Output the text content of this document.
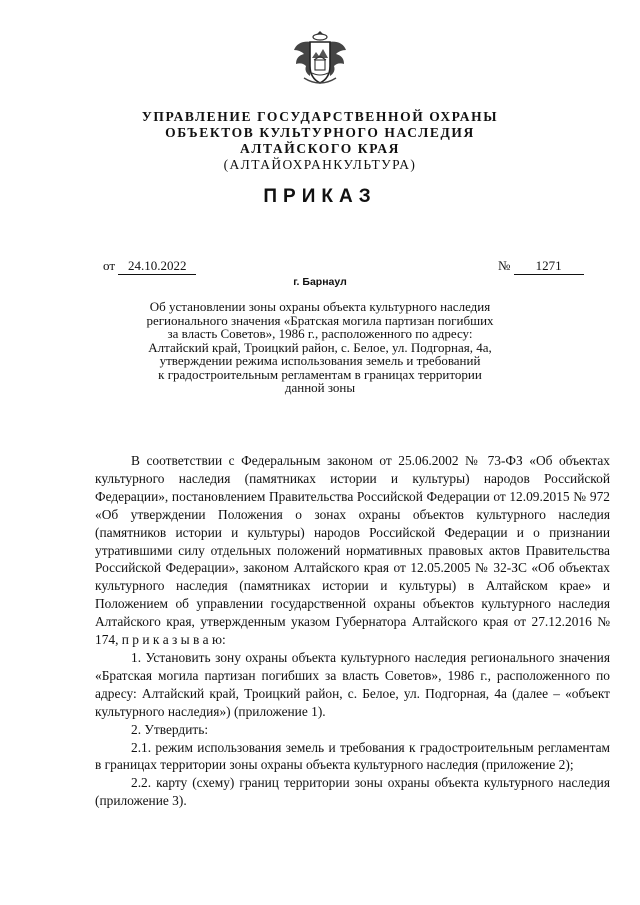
УПРАВЛЕНИЕ ГОСУДАРСТВЕННОЙ ОХРАНЫ
ОБЪЕКТОВ КУЛЬТУРНОГО НАСЛЕДИЯ
АЛТАЙСКОГО КРАЯ
(АЛТАЙОХРАНКУЛЬТУРА)
ПРИКАЗ
от 24.10.2022	№ 1271
г. Барнаул
Об установлении зоны охраны объекта культурного наследия
регионального значения «Братская могила партизан погибших
за власть Советов», 1986 г., расположенного по адресу:
Алтайский край, Троицкий район, с. Белое, ул. Подгорная, 4а,
утверждении режима использования земель и требований
к градостроительным регламентам в границах территории
данной зоны

В соответствии с Федеральным законом от 25.06.2002 № 73-ФЗ «Об объектах культурного наследия (памятниках истории и культуры) народов Российской Федерации», постановлением Правительства Российской Федерации от 12.09.2015 № 972 «Об утверждении Положения о зонах охраны объектов культурного наследия (памятников истории и культуры) народов Российской Федерации и о признании утратившими силу отдельных положений нормативных правовых актов Правительства Российской Федерации», законом Алтайского края от 12.05.2005 № 32-ЗС «Об объектах культурного наследия (памятниках истории и культуры) в Алтайском крае» и Положением об управлении государственной охраны объектов культурного наследия Алтайского края, утвержденным указом Губернатора Алтайского края от 27.12.2016 № 174, п р и к а з ы в а ю:

1. Установить зону охраны объекта культурного наследия регионального значения «Братская могила партизан погибших за власть Советов», 1986 г., расположенного по адресу: Алтайский край, Троицкий район, с. Белое, ул. Подгорная, 4а (далее – «объект культурного наследия») (приложение 1).

2. Утвердить:

2.1. режим использования земель и требования к градостроительным регламентам в границах территории зоны охраны объекта культурного наследия (приложение 2);

2.2. карту (схему) границ территории зоны охраны объекта культурного наследия (приложение 3).
